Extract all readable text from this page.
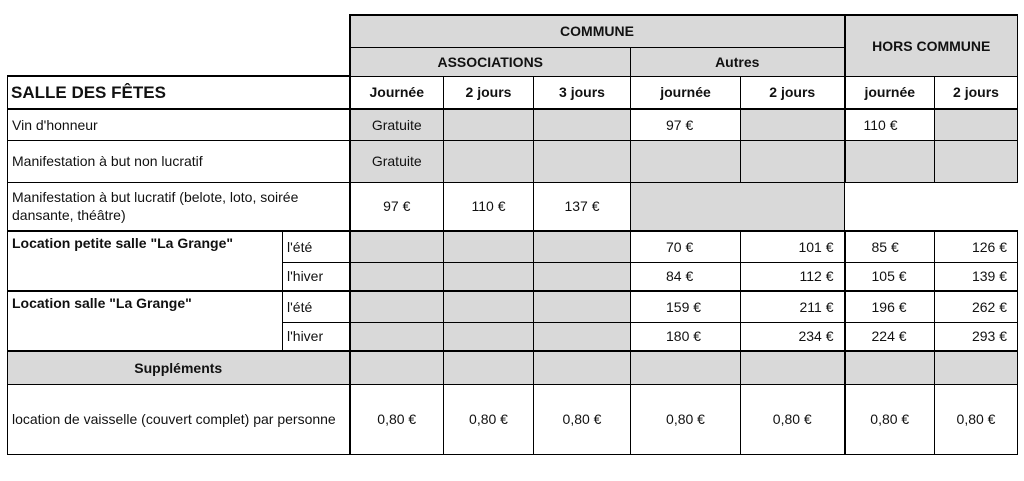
		COMMUNE					HORS COMMUNE	
		ASSOCIATIONS			Autres			
SALLE DES FÊTES		Journée	2 jours	3 jours	journée	2 jours	journée	2 jours
Vin d'honneur		Gratuite			97 €		110 €	
Manifestation à but non lucratif		Gratuite						
Manifestation à but lucratif (belote, loto, soirée dansante, théâtre)		97 €	110 €	137 €				
Location petite salle "La Grange"	l'été				70 €	101 €	85 €	126 €
	l'hiver				84 €	112 €	105 €	139 €
Location salle "La Grange"	l'été				159 €	211 €	196 €	262 €
	l'hiver				180 €	234 €	224 €	293 €
Suppléments								
location de vaisselle (couvert complet) par personne		0,80 €	0,80 €	0,80 €	0,80 €	0,80 €	0,80 €	0,80 €
